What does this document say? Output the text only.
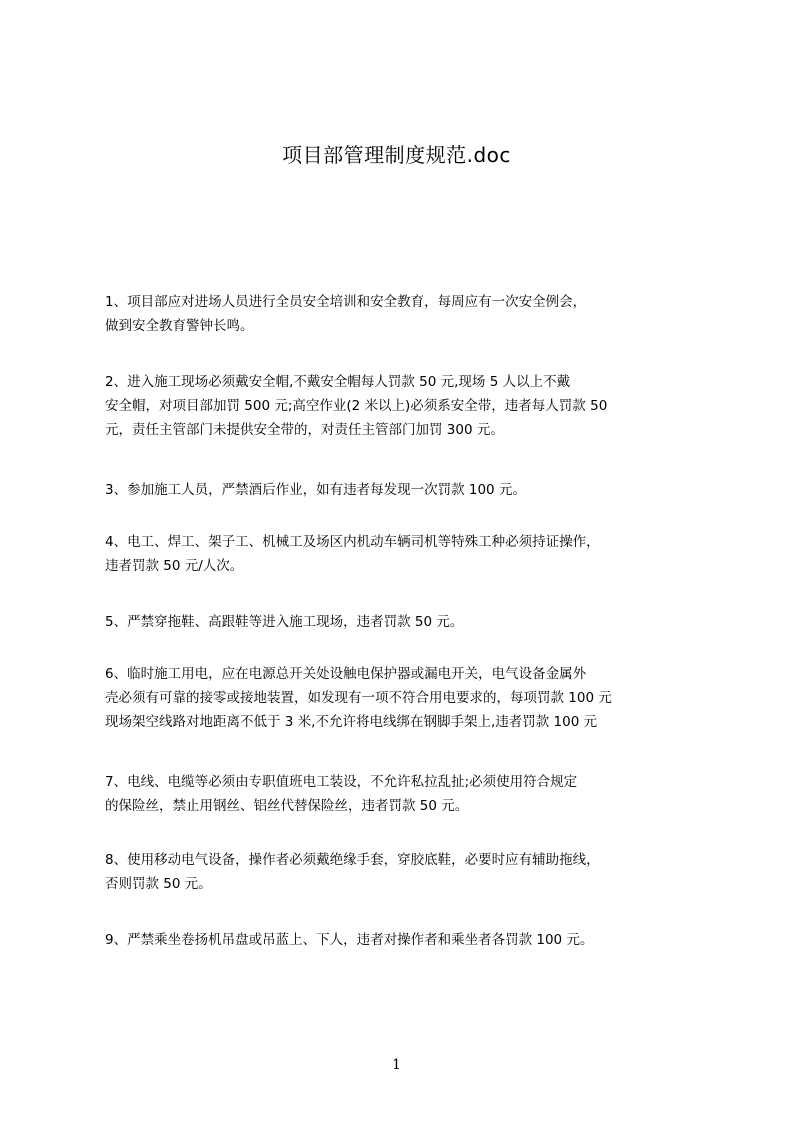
项目部管理制度规范.doc
1、项目部应对进场人员进行全员安全培训和安全教育，每周应有一次安全例会，
做到安全教育警钟长鸣。
2、进入施工现场必须戴安全帽,不戴安全帽每人罚款 50 元,现场 5 人以上不戴
安全帽，对项目部加罚 500 元;高空作业(2 米以上)必须系安全带，违者每人罚款 50
元，责任主管部门未提供安全带的，对责任主管部门加罚 300 元。
3、参加施工人员，严禁酒后作业，如有违者每发现一次罚款 100 元。
4、电工、焊工、架子工、机械工及场区内机动车辆司机等特殊工种必须持证操作，
违者罚款 50 元/人次。
5、严禁穿拖鞋、高跟鞋等进入施工现场，违者罚款 50 元。
6、临时施工用电，应在电源总开关处设触电保护器或漏电开关，电气设备金属外
壳必须有可靠的接零或接地装置，如发现有一项不符合用电要求的，每项罚款 100 元
现场架空线路对地距离不低于 3 米,不允许将电线绑在钢脚手架上,违者罚款 100 元
7、电线、电缆等必须由专职值班电工装设，不允许私拉乱扯;必须使用符合规定
的保险丝，禁止用钢丝、铝丝代替保险丝，违者罚款 50 元。
8、使用移动电气设备，操作者必须戴绝缘手套，穿胶底鞋，必要时应有辅助拖线，
否则罚款 50 元。
9、严禁乘坐卷扬机吊盘或吊蓝上、下人，违者对操作者和乘坐者各罚款 100 元。
1
